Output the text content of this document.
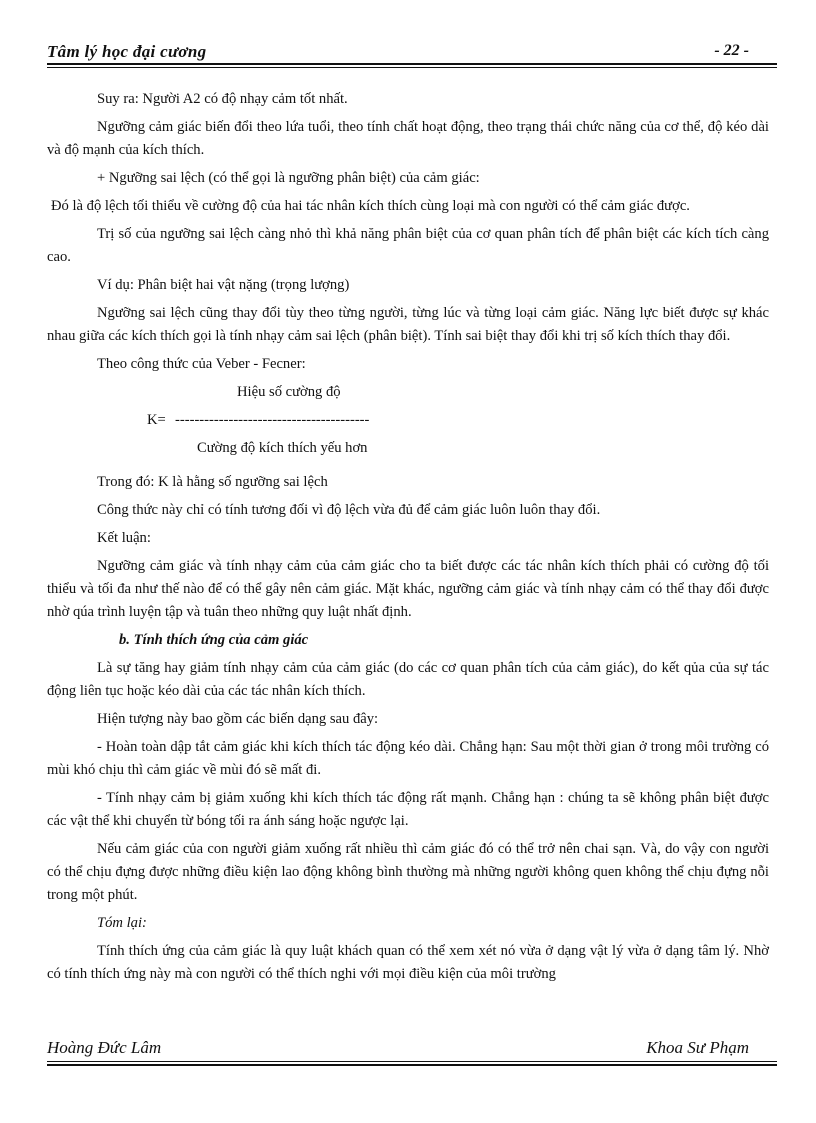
Tâm lý học đại cương	- 22 -

Suy ra: Người A2 có độ nhạy cảm tốt nhất.

Ngưỡng cảm giác biến đổi theo lứa tuổi, theo tính chất hoạt động, theo trạng thái chức năng của cơ thể, độ kéo dài và độ mạnh của kích thích.

+ Ngưỡng sai lệch (có thể gọi là ngưỡng phân biệt) của cảm giác:

Đó là độ lệch tối thiểu về cường độ của hai tác nhân kích thích cùng loại mà con người có thể cảm giác được.

Trị số của ngưỡng sai lệch càng nhỏ thì khả năng phân biệt của cơ quan phân tích để phân biệt các kích tích càng cao.

Ví dụ: Phân biệt hai vật nặng (trọng lượng)

Ngưỡng sai lệch cũng thay đổi tùy theo từng người, từng lúc và từng loại cảm giác. Năng lực biết được sự khác nhau giữa các kích thích gọi là tính nhạy cảm sai lệch (phân biệt). Tính sai biệt thay đổi khi trị số kích thích thay đổi.

Theo công thức của Veber - Fecner:

Hiệu số cường độ
K= ----------------------------------------
Cường độ kích thích yếu hơn

Trong đó: K là hằng số ngưỡng sai lệch

Công thức này chỉ có tính tương đối vì độ lệch vừa đủ để cảm giác luôn luôn thay đổi.

Kết luận:

Ngưỡng cảm giác và tính nhạy cảm của cảm giác cho ta biết được các tác nhân kích thích phải có cường độ tối thiểu và tối đa như thế nào để có thể gây nên cảm giác. Mặt khác, ngưỡng cảm giác và tính nhạy cảm có thể thay đổi được nhờ qúa trình luyện tập và tuân theo những quy luật nhất định.

b. Tính thích ứng của cảm giác

Là sự tăng hay giảm tính nhạy cảm của cảm giác (do các cơ quan phân tích của cảm giác), do kết qủa của sự tác động liên tục hoặc kéo dài của các tác nhân kích thích.

Hiện tượng này bao gồm các biến dạng sau đây:

- Hoàn toàn dập tắt cảm giác khi kích thích tác động kéo dài. Chẳng hạn: Sau một thời gian ở trong môi trường có mùi khó chịu thì cảm giác về mùi đó sẽ mất đi.

- Tính nhạy cảm bị giảm xuống khi kích thích tác động rất mạnh. Chẳng hạn : chúng ta sẽ không phân biệt được các vật thể khi chuyển từ bóng tối ra ánh sáng hoặc ngược lại.

Nếu cảm giác của con người giảm xuống rất nhiều thì cảm giác đó có thể trở nên chai sạn. Và, do vậy con người có thể chịu đựng được những điều kiện lao động không bình thường mà những người không quen không thể chịu đựng nỗi trong một phút.

Tóm lại:

Tính thích ứng của cảm giác là quy luật khách quan có thể xem xét nó vừa ở dạng vật lý vừa ở dạng tâm lý. Nhờ có tính thích ứng này mà con người có thể thích nghi với mọi điều kiện của môi trường

Hoàng Đức Lâm	Khoa Sư Phạm
